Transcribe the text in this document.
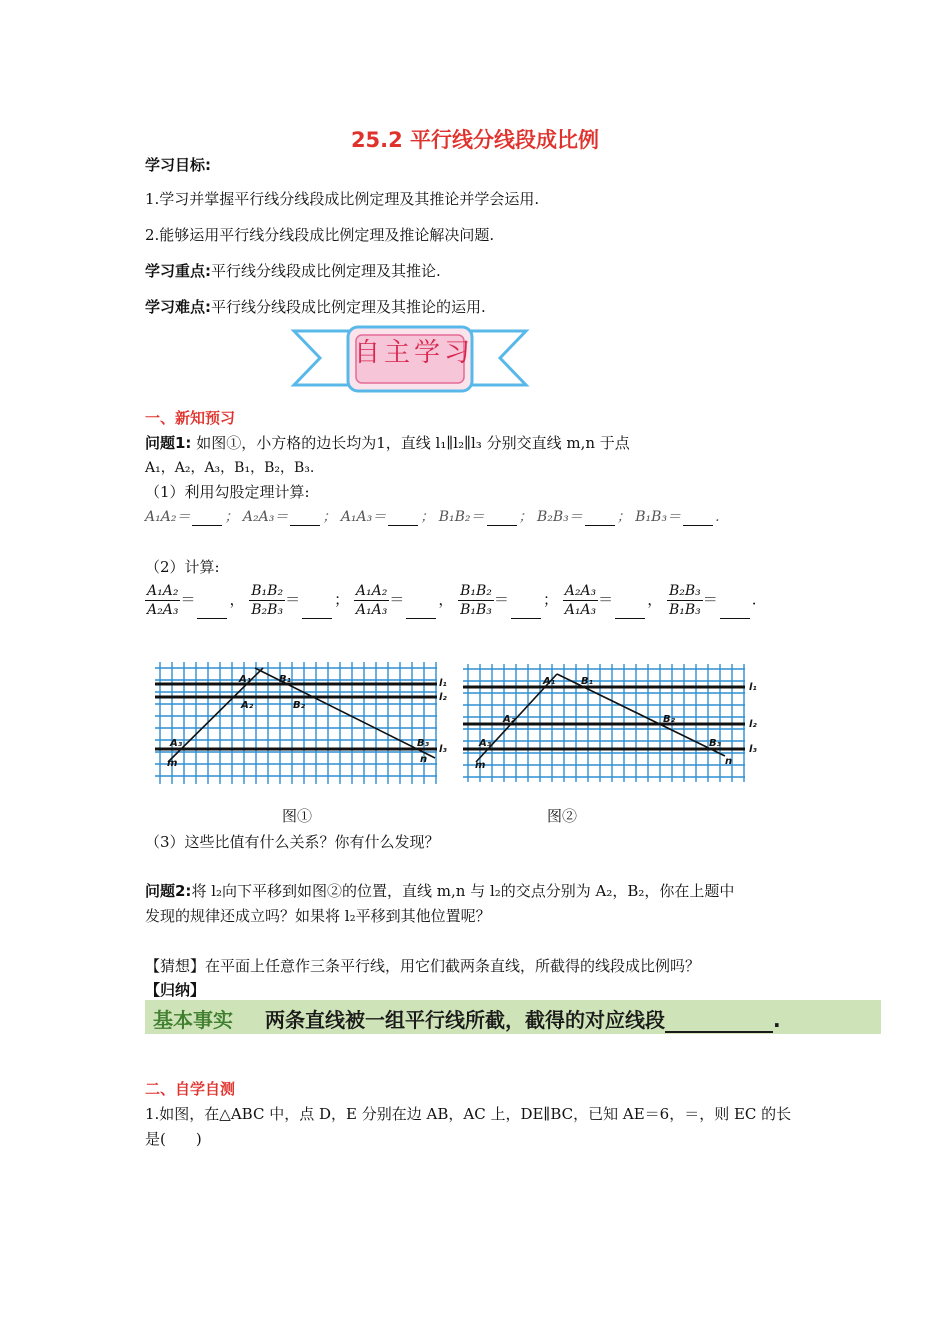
25.2 平行线分线段成比例
学习目标:
1.学习并掌握平行线分线段成比例定理及其推论并学会运用.
2.能够运用平行线分线段成比例定理及推论解决问题.
学习重点:平行线分线段成比例定理及其推论.
学习难点:平行线分线段成比例定理及其推论的运用.
自主学习
一、新知预习
问题1: 如图①，小方格的边长均为1，直线 l₁∥l₂∥l₃ 分别交直线 m,n 于点
A₁，A₂，A₃，B₁，B₂，B₃.
（1）利用勾股定理计算:
A₁A₂＝ ； A₂A₃＝ ； A₁A₃＝ ； B₁B₂＝ ； B₂B₃＝ ； B₁B₃＝ .
（2）计算:
$\frac{\text{A₁A₂}}{\text{A₂A₃}}$ ＝ ， $\frac{\text{B₁B₂}}{\text{B₂B₃}}$ ＝ ； $\frac{\text{A₁A₂}}{\text{A₁A₃}}$ ＝ ， $\frac{\text{B₁B₂}}{\text{B₁B₃}}$ ＝ ； $\frac{\text{A₂A₃}}{\text{A₁A₃}}$ ＝ ， $\frac{\text{B₂B₃}}{\text{B₁B₃}}$ ＝ .
A₁
A₂
A₃
B₁
B₂
B₃
l₁
l₂
l₃
m	n
A₁
A₂
A₃
B₁
B₂
B₃
l₁
l₂
l₃
m	n
图①	图②
（3）这些比值有什么关系？你有什么发现？
问题2:将 l₂向下平移到如图②的位置，直线 m,n 与 l₂的交点分别为 A₂，B₂，你在上题中
发现的规律还成立吗？如果将 l₂平移到其他位置呢？
【猜想】在平面上任意作三条平行线，用它们截两条直线，所截得的线段成比例吗？
【归纳】
基本事实 两条直线被一组平行线所截，截得的对应线段	.
二、自学自测
1.如图，在△ABC 中，点 D，E 分别在边 AB，AC 上，DE∥BC，已知 AE＝6，＝，则 EC 的长
是(　　)
